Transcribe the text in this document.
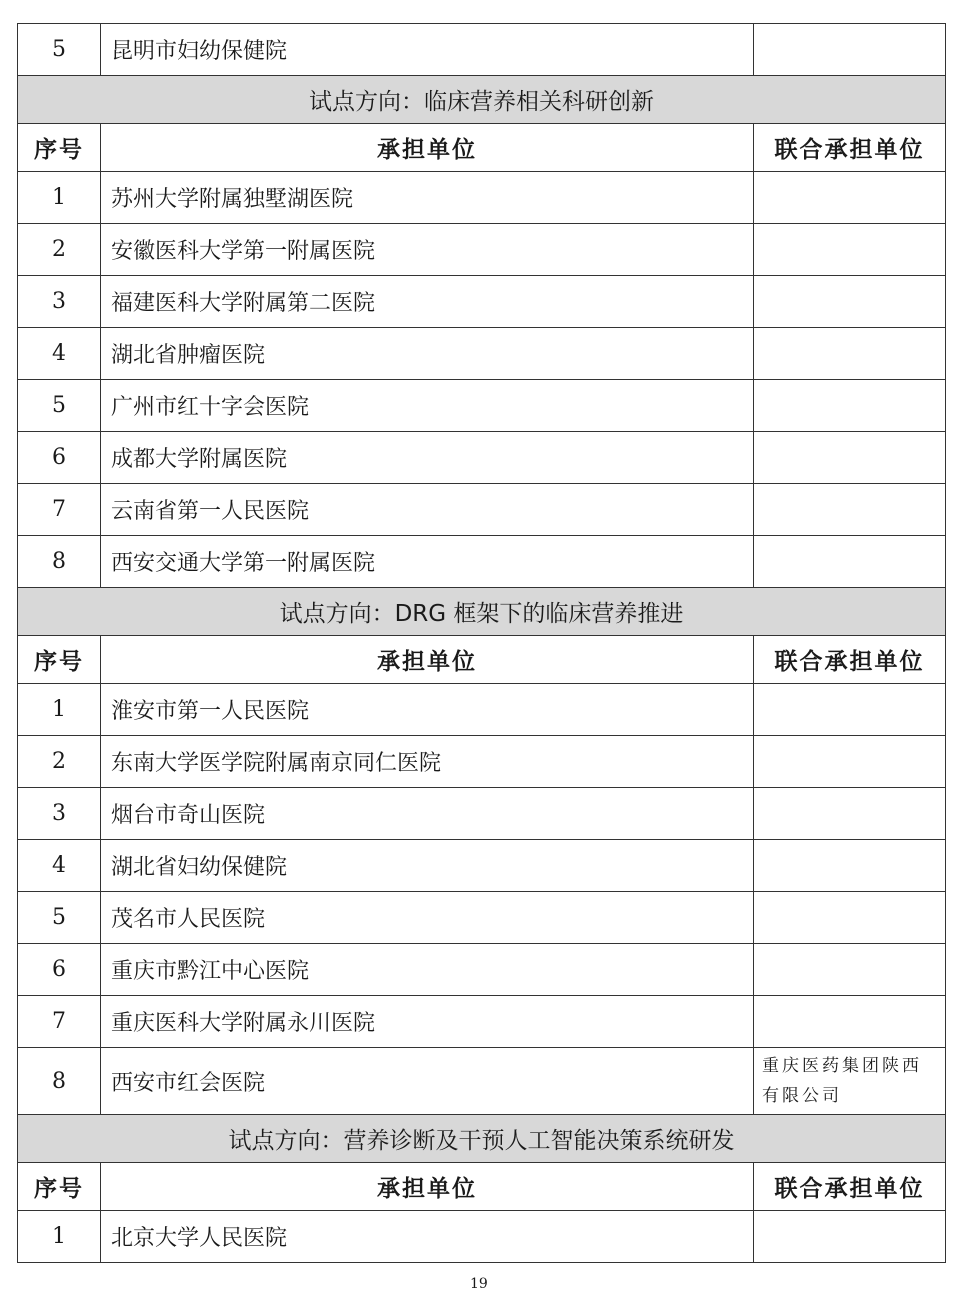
5	昆明市妇幼保健院	
试点方向：临床营养相关科研创新		
序号	承担单位	联合承担单位
1	苏州大学附属独墅湖医院	
2	安徽医科大学第一附属医院	
3	福建医科大学附属第二医院	
4	湖北省肿瘤医院	
5	广州市红十字会医院	
6	成都大学附属医院	
7	云南省第一人民医院	
8	西安交通大学第一附属医院	
试点方向：DRG 框架下的临床营养推进		
序号	承担单位	联合承担单位
1	淮安市第一人民医院	
2	东南大学医学院附属南京同仁医院	
3	烟台市奇山医院	
4	湖北省妇幼保健院	
5	茂名市人民医院	
6	重庆市黔江中心医院	
7	重庆医科大学附属永川医院	
8	西安市红会医院	重庆医药集团陕西有限公司
试点方向：营养诊断及干预人工智能决策系统研发		
序号	承担单位	联合承担单位
1	北京大学人民医院	
19
